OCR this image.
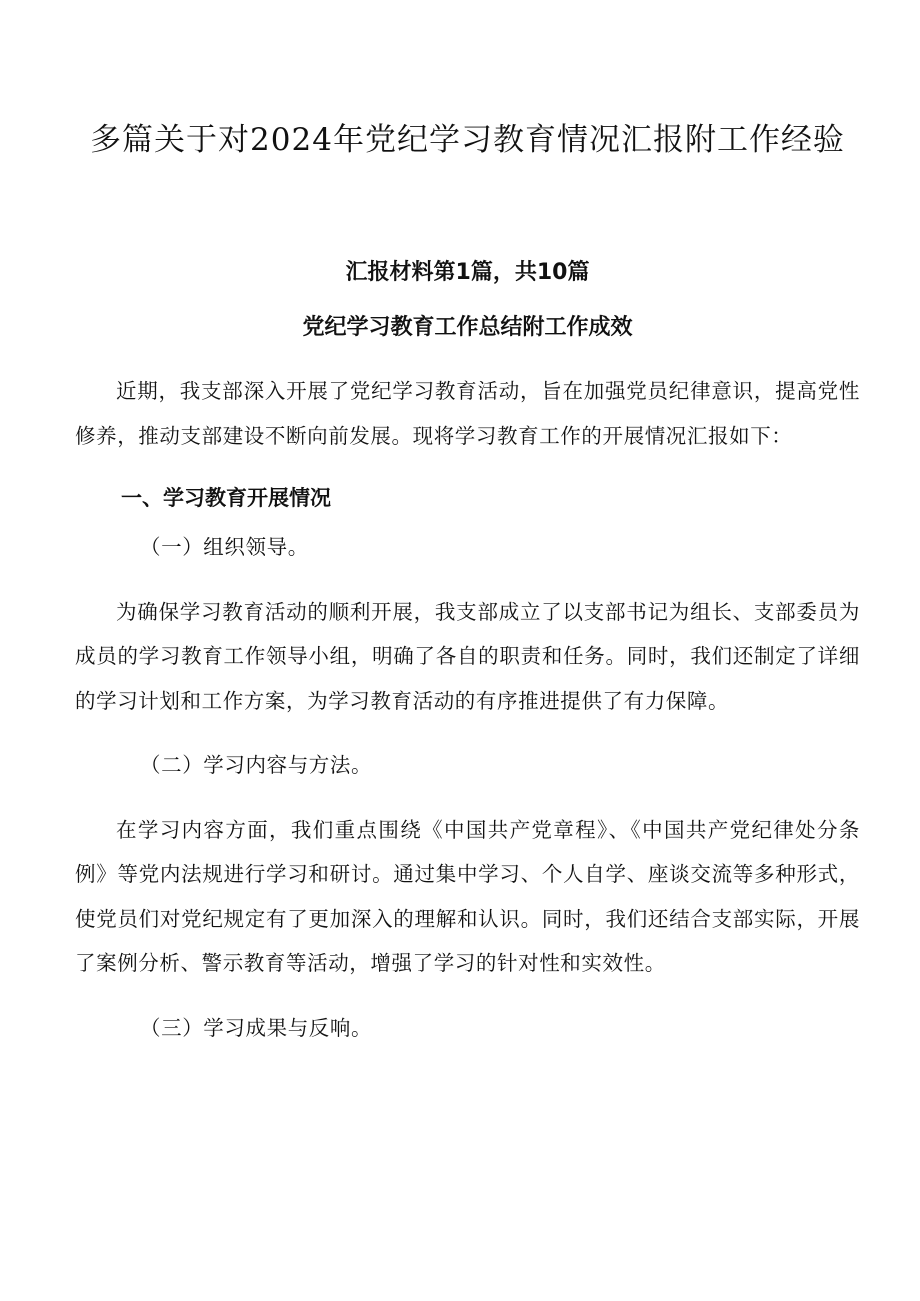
多篇关于对2024年党纪学习教育情况汇报附工作经验
汇报材料第1篇，共10篇
党纪学习教育工作总结附工作成效

近期，我支部深入开展了党纪学习教育活动，旨在加强党员纪律意识，提高党性修养，推动支部建设不断向前发展。现将学习教育工作的开展情况汇报如下：

一、学习教育开展情况
（一）组织领导。

为确保学习教育活动的顺利开展，我支部成立了以支部书记为组长、支部委员为成员的学习教育工作领导小组，明确了各自的职责和任务。同时，我们还制定了详细的学习计划和工作方案，为学习教育活动的有序推进提供了有力保障。

（二）学习内容与方法。

在学习内容方面，我们重点围绕《中国共产党章程》、《中国共产党纪律处分条例》等党内法规进行学习和研讨。通过集中学习、个人自学、座谈交流等多种形式，使党员们对党纪规定有了更加深入的理解和认识。同时，我们还结合支部实际，开展了案例分析、警示教育等活动，增强了学习的针对性和实效性。

（三）学习成果与反响。
